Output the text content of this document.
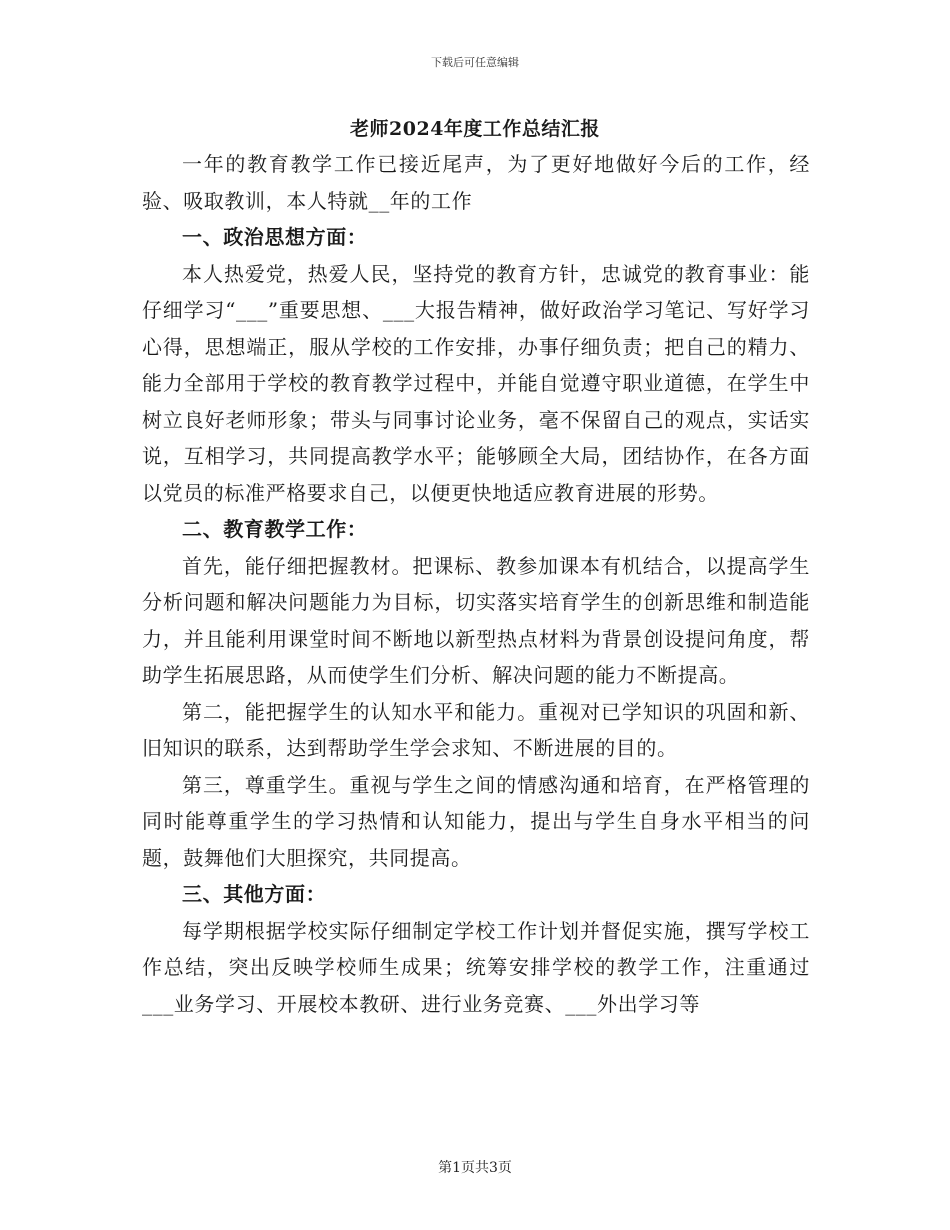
下载后可任意编辑
老师2024年度工作总结汇报

一年的教育教学工作已接近尾声，为了更好地做好今后的工作，经验、吸取教训，本人特就__年的工作

一、政治思想方面：

本人热爱党，热爱人民，坚持党的教育方针，忠诚党的教育事业：能仔细学习“___”重要思想、___大报告精神，做好政治学习笔记、写好学习心得，思想端正，服从学校的工作安排，办事仔细负责；把自己的精力、能力全部用于学校的教育教学过程中，并能自觉遵守职业道德，在学生中树立良好老师形象；带头与同事讨论业务，毫不保留自己的观点，实话实说，互相学习，共同提高教学水平；能够顾全大局，团结协作，在各方面以党员的标准严格要求自己，以便更快地适应教育进展的形势。

二、教育教学工作：

首先，能仔细把握教材。把课标、教参加课本有机结合，以提高学生分析问题和解决问题能力为目标，切实落实培育学生的创新思维和制造能力，并且能利用课堂时间不断地以新型热点材料为背景创设提问角度，帮助学生拓展思路，从而使学生们分析、解决问题的能力不断提高。

第二，能把握学生的认知水平和能力。重视对已学知识的巩固和新、旧知识的联系，达到帮助学生学会求知、不断进展的目的。

第三，尊重学生。重视与学生之间的情感沟通和培育，在严格管理的同时能尊重学生的学习热情和认知能力，提出与学生自身水平相当的问题，鼓舞他们大胆探究，共同提高。

三、其他方面：

每学期根据学校实际仔细制定学校工作计划并督促实施，撰写学校工作总结，突出反映学校师生成果；统筹安排学校的教学工作，注重通过___业务学习、开展校本教研、进行业务竞赛、___外出学习等

第1页共3页
